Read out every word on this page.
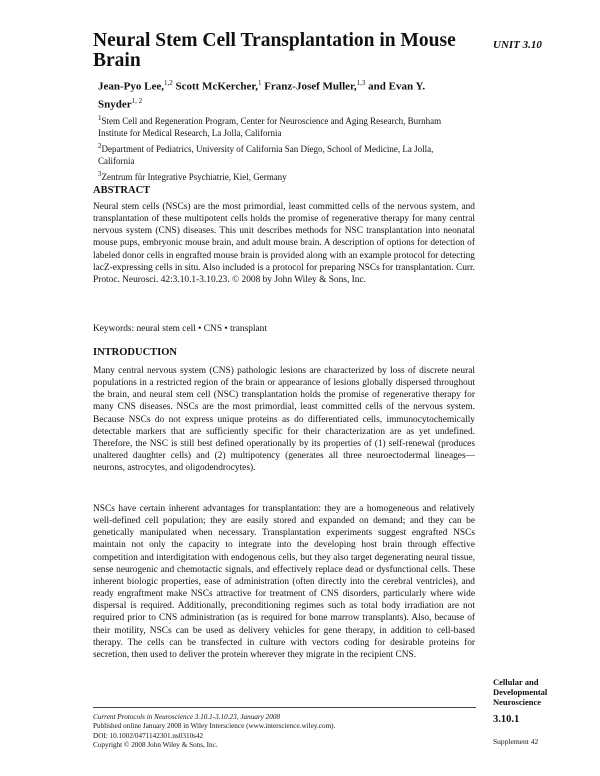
Neural Stem Cell Transplantation in Mouse Brain
UNIT 3.10
Jean-Pyo Lee,$^{1,2}$ Scott McKercher,$^1$ Franz-Josef Muller,$^{1,3}$ and Evan Y. Snyder$^{1, 2}$

$^1$Stem Cell and Regeneration Program, Center for Neuroscience and Aging Research, Burnham Institute for Medical Research, La Jolla, California

$^2$Department of Pediatrics, University of California San Diego, School of Medicine, La Jolla, California

$^3$Zentrum für Integrative Psychiatrie, Kiel, Germany

ABSTRACT

Neural stem cells (NSCs) are the most primordial, least committed cells of the nervous system, and transplantation of these multipotent cells holds the promise of regenerative therapy for many central nervous system (CNS) diseases. This unit describes methods for NSC transplantation into neonatal mouse pups, embryonic mouse brain, and adult mouse brain. A description of options for detection of labeled donor cells in engrafted mouse brain is provided along with an example protocol for detecting lacZ-expressing cells in situ. Also included is a protocol for preparing NSCs for transplantation. Curr. Protoc. Neurosci. 42:3.10.1-3.10.23. © 2008 by John Wiley & Sons, Inc.

Keywords: neural stem cell • CNS • transplant
INTRODUCTION

Many central nervous system (CNS) pathologic lesions are characterized by loss of discrete neural populations in a restricted region of the brain or appearance of lesions globally dispersed throughout the brain, and neural stem cell (NSC) transplantation holds the promise of regenerative therapy for many CNS diseases. NSCs are the most primordial, least committed cells of the nervous system. Because NSCs do not express unique proteins as do differentiated cells, immunocytochemically detectable markers that are sufficiently specific for their characterization are as yet undefined. Therefore, the NSC is still best defined operationally by its properties of (1) self-renewal (produces unaltered daughter cells) and (2) multipotency (generates all three neuroectodermal lineages—neurons, astrocytes, and oligodendrocytes).

NSCs have certain inherent advantages for transplantation: they are a homogeneous and relatively well-defined cell population; they are easily stored and expanded on demand; and they can be genetically manipulated when necessary. Transplantation experiments suggest engrafted NSCs maintain not only the capacity to integrate into the developing host brain through effective competition and interdigitation with endogenous cells, but they also target degenerating neural tissue, sense neurogenic and chemotactic signals, and effectively replace dead or dysfunctional cells. These inherent biologic properties, ease of administration (often directly into the cerebral ventricles), and ready engraftment make NSCs attractive for treatment of CNS disorders, particularly where wide dispersal is required. Additionally, preconditioning regimes such as total body irradiation are not required prior to CNS administration (as is required for bone marrow transplants). Also, because of their motility, NSCs can be used as delivery vehicles for gene therapy, in addition to cell-based therapy. The cells can be transfected in culture with vectors coding for desirable proteins for secretion, then used to deliver the protein wherever they migrate in the recipient CNS.

Cellular and
Developmental
Neuroscience
3.10.1
Supplement 42
Current Protocols in Neuroscience 3.10.1-3.10.23, January 2008
Published online January 2008 in Wiley Interscience (www.interscience.wiley.com).
DOI: 10.1002/0471142301.ns0310s42
Copyright © 2008 John Wiley & Sons, Inc.
